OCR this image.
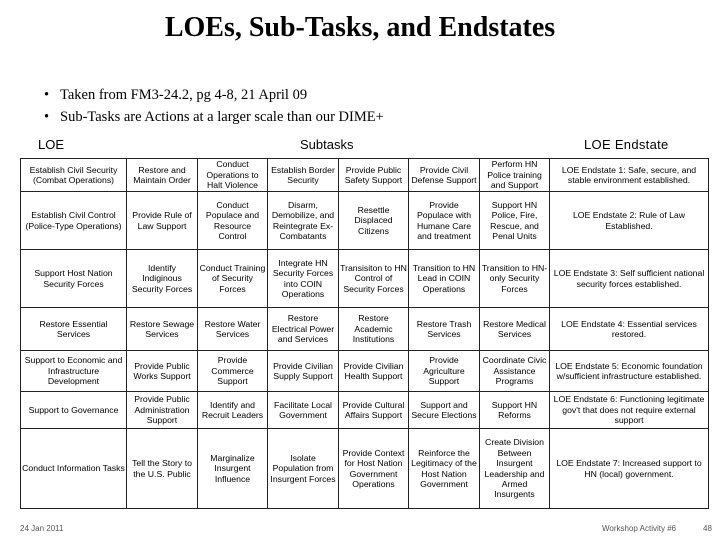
LOEs, Sub-Tasks, and Endstates
• Taken from FM3-24.2, pg 4-8, 21 April 09
• Sub-Tasks are Actions at a larger scale than our DIME+
LOE	Subtasks	LOE Endstate
Establish Civil Security (Combat Operations)	Restore and Maintain Order	Conduct Operations to Halt Violence	Establish Border Security	Provide Public Safety Support	Provide Civil Defense Support	Perform HN Police training and Support	LOE Endstate 1: Safe, secure, and stable environment established.
Establish Civil Control (Police-Type Operations)	Provide Rule of Law Support	Conduct Populace and Resource Control	Disarm, Demobilize, and Reintegrate Ex-Combatants	Resettle Displaced Citizens	Provide Populace with Humane Care and treatment	Support HN Police, Fire, Rescue, and Penal Units	LOE Endstate 2: Rule of Law Established.
Support Host Nation Security Forces	Identify Indiginous Security Forces	Conduct Training of Security Forces	Integrate HN Security Forces into COIN Operations	Transisiton to HN Control of Security Forces	Transition to HN Lead in COIN Operations	Transition to HN-only Security Forces	LOE Endstate 3: Self sufficient national security forces established.
Restore Essential Services	Restore Sewage Services	Restore Water Services	Restore Electrical Power and Services	Restore Academic Institutions	Restore Trash Services	Restore Medical Services	LOE Endstate 4: Essential services restored.
Support to Economic and Infrastructure Development	Provide Public Works Support	Provide Commerce Support	Provide Civilian Supply Support	Provide Civilian Health Support	Provide Agriculture Support	Coordinate Civic Assistance Programs	LOE Endstate 5: Economic foundation w/sufficient infrastructure established.
Support to Governance	Provide Public Administration Support	Identify and Recruit Leaders	Facilitate Local Government	Provide Cultural Affairs Support	Support and Secure Elections	Support HN Reforms	LOE Endstate 6: Functioning legitimate gov't that does not require external support
Conduct Information Tasks	Tell the Story to the U.S. Public	Marginalize Insurgent Influence	Isolate Population from Insurgent Forces	Provide Context for Host Nation Government Operations	Reinforce the Legitimacy of the Host Nation Government	Create Division Between Insurgent Leadership and Armed Insurgents	LOE Endstate 7: Increased support to HN (local) government.
24 Jan 2011	Workshop Activity #6	48
